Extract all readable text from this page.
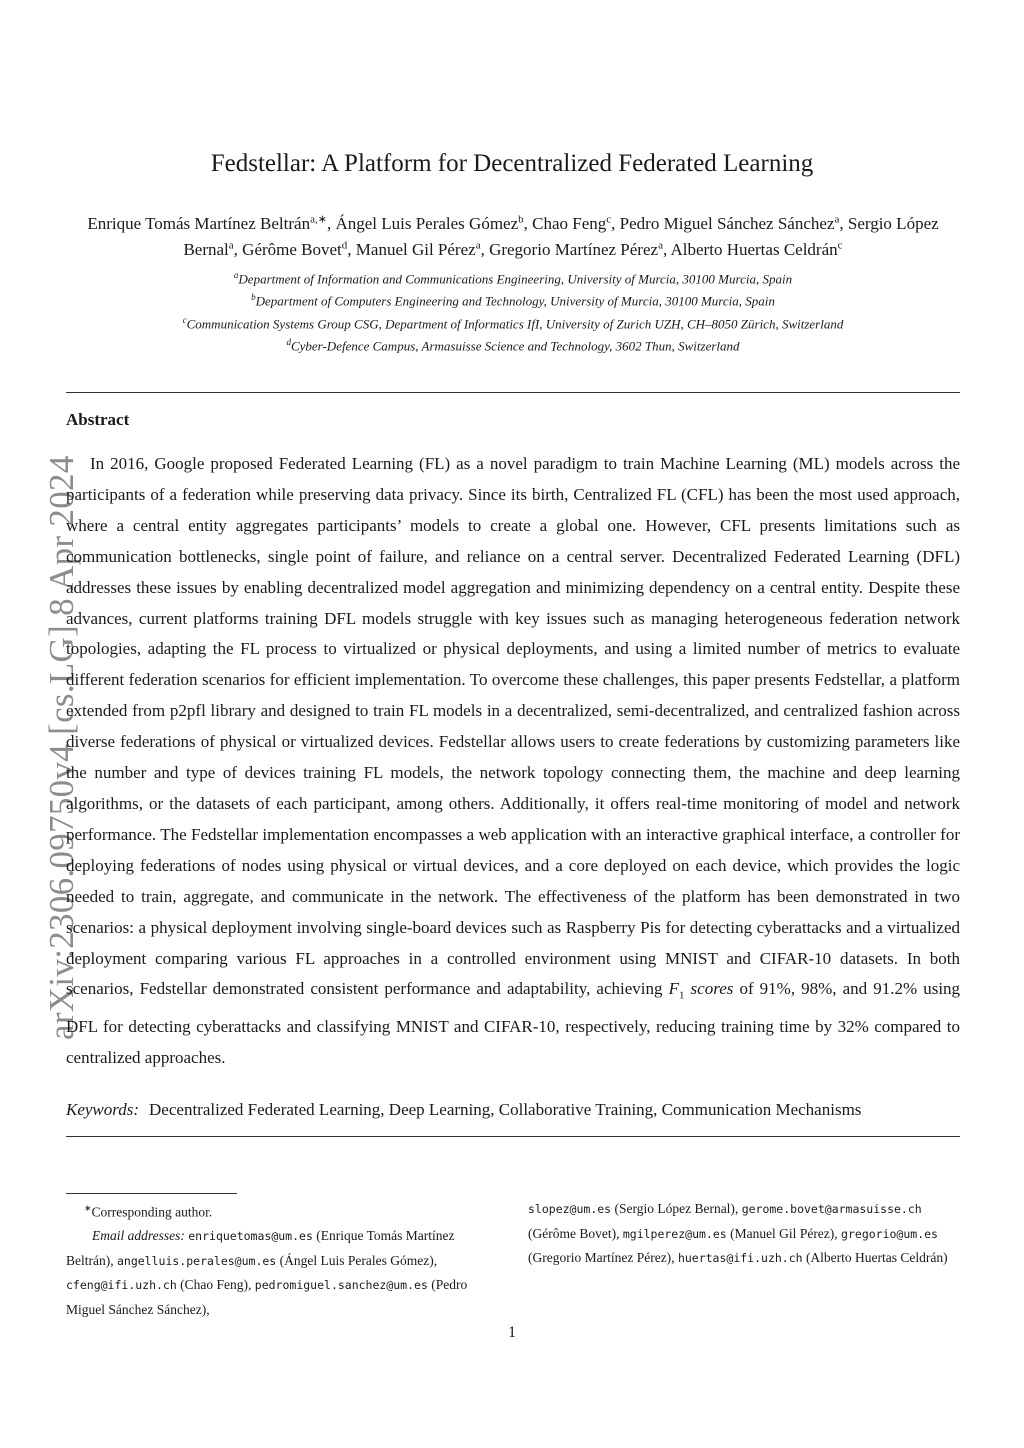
arXiv:2306.09750v4 [cs.LG] 8 Apr 2024
Fedstellar: A Platform for Decentralized Federated Learning
Enrique Tomás Martínez Beltrán$^{a,∗}$, Ángel Luis Perales Gómez$^b$, Chao Feng$^c$, Pedro Miguel Sánchez Sánchez$^a$, Sergio López Bernal$^a$, Gérôme Bovet$^d$, Manuel Gil Pérez$^a$, Gregorio Martínez Pérez$^a$, Alberto Huertas Celdrán$^c$
$^a$Department of Information and Communications Engineering, University of Murcia, 30100 Murcia, Spain
$^b$Department of Computers Engineering and Technology, University of Murcia, 30100 Murcia, Spain
$^c$Communication Systems Group CSG, Department of Informatics IfI, University of Zurich UZH, CH–8050 Zürich, Switzerland
$^d$Cyber-Defence Campus, Armasuisse Science and Technology, 3602 Thun, Switzerland
Abstract
In 2016, Google proposed Federated Learning (FL) as a novel paradigm to train Machine Learning (ML) models across the participants of a federation while preserving data privacy. Since its birth, Centralized FL (CFL) has been the most used approach, where a central entity aggregates participants’ models to create a global one. However, CFL presents limitations such as communication bottlenecks, single point of failure, and reliance on a central server. Decentralized Federated Learning (DFL) addresses these issues by enabling decentralized model aggregation and minimizing dependency on a central entity. Despite these advances, current platforms training DFL models struggle with key issues such as managing heterogeneous federation network topologies, adapting the FL process to virtualized or physical deployments, and using a limited number of metrics to evaluate different federation scenarios for efficient implementation. To overcome these challenges, this paper presents Fedstellar, a platform extended from p2pfl library and designed to train FL models in a decentralized, semi-decentralized, and centralized fashion across diverse federations of physical or virtualized devices. Fedstellar allows users to create federations by customizing parameters like the number and type of devices training FL models, the network topology connecting them, the machine and deep learning algorithms, or the datasets of each participant, among others. Additionally, it offers real-time monitoring of model and network performance. The Fedstellar implementation encompasses a web application with an interactive graphical interface, a controller for deploying federations of nodes using physical or virtual devices, and a core deployed on each device, which provides the logic needed to train, aggregate, and communicate in the network. The effectiveness of the platform has been demonstrated in two scenarios: a physical deployment involving single-board devices such as Raspberry Pis for detecting cyberattacks and a virtualized deployment comparing various FL approaches in a controlled environment using MNIST and CIFAR-10 datasets. In both scenarios, Fedstellar demonstrated consistent performance and adaptability, achieving $F_1$ scores of 91%, 98%, and 91.2% using DFL for detecting cyberattacks and classifying MNIST and CIFAR-10, respectively, reducing training time by 32% compared to centralized approaches.
Keywords: Decentralized Federated Learning, Deep Learning, Collaborative Training, Communication Mechanisms
∗Corresponding author.
Email addresses: enriquetomas@um.es (Enrique Tomás Martínez Beltrán), angelluis.perales@um.es (Ángel Luis Perales Gómez), cfeng@ifi.uzh.ch (Chao Feng), pedromiguel.sanchez@um.es (Pedro Miguel Sánchez Sánchez),
slopez@um.es (Sergio López Bernal), gerome.bovet@armasuisse.ch (Gérôme Bovet), mgilperez@um.es (Manuel Gil Pérez), gregorio@um.es (Gregorio Martínez Pérez), huertas@ifi.uzh.ch (Alberto Huertas Celdrán)
1
